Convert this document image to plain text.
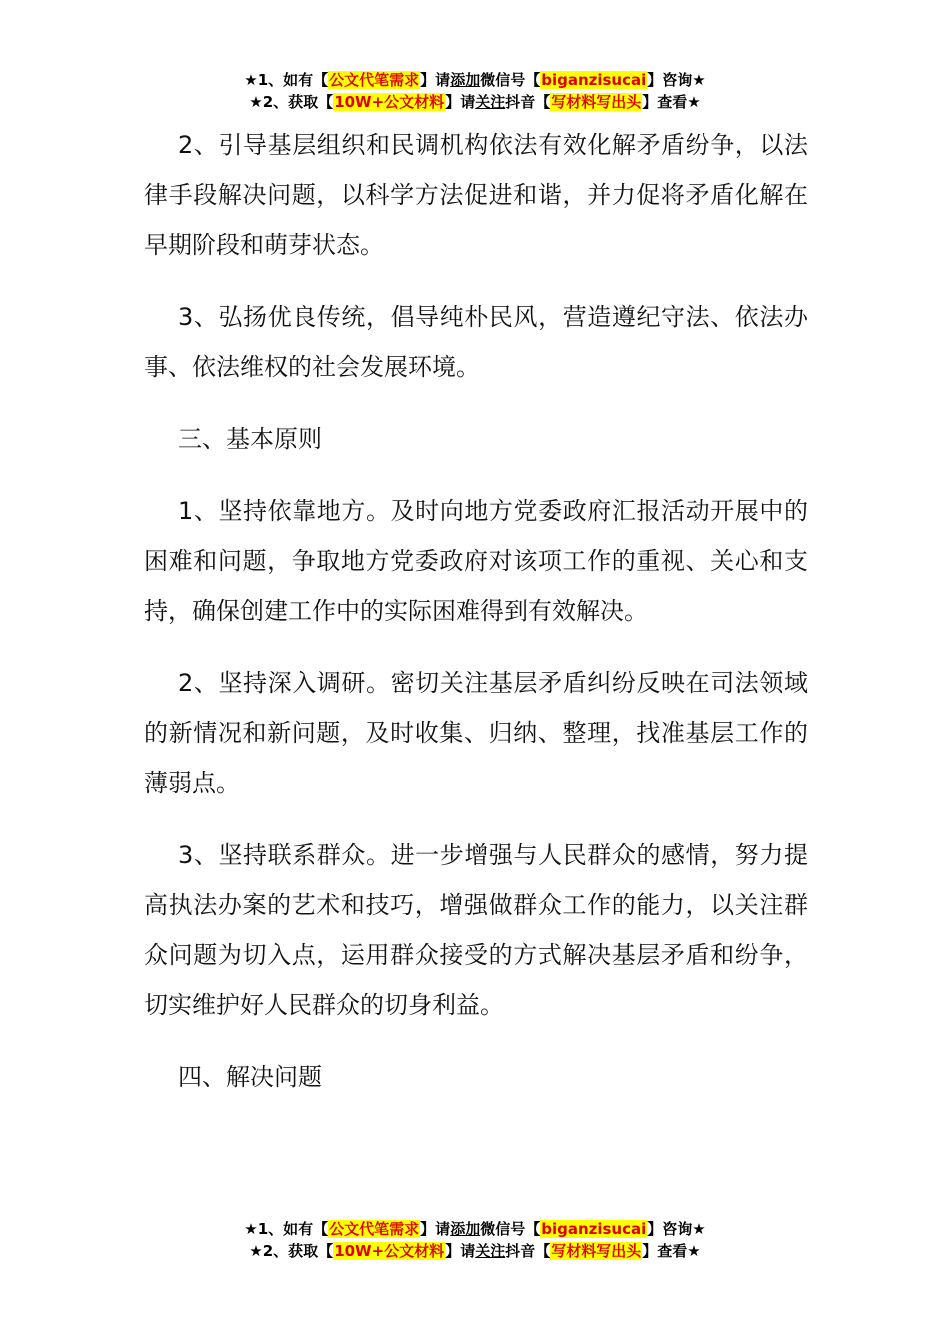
★1、如有【公文代笔需求】请添加微信号【biganzisucai】咨询★
★2、获取【10W+公文材料】请关注抖音【写材料写出头】查看★

2、引导基层组织和民调机构依法有效化解矛盾纷争，以法律手段解决问题，以科学方法促进和谐，并力促将矛盾化解在早期阶段和萌芽状态。

3、弘扬优良传统，倡导纯朴民风，营造遵纪守法、依法办事、依法维权的社会发展环境。

三、基本原则

1、坚持依靠地方。及时向地方党委政府汇报活动开展中的困难和问题，争取地方党委政府对该项工作的重视、关心和支持，确保创建工作中的实际困难得到有效解决。

2、坚持深入调研。密切关注基层矛盾纠纷反映在司法领域的新情况和新问题，及时收集、归纳、整理，找准基层工作的薄弱点。

3、坚持联系群众。进一步增强与人民群众的感情，努力提高执法办案的艺术和技巧，增强做群众工作的能力，以关注群众问题为切入点，运用群众接受的方式解决基层矛盾和纷争，切实维护好人民群众的切身利益。

四、解决问题

★1、如有【公文代笔需求】请添加微信号【biganzisucai】咨询★
★2、获取【10W+公文材料】请关注抖音【写材料写出头】查看★
